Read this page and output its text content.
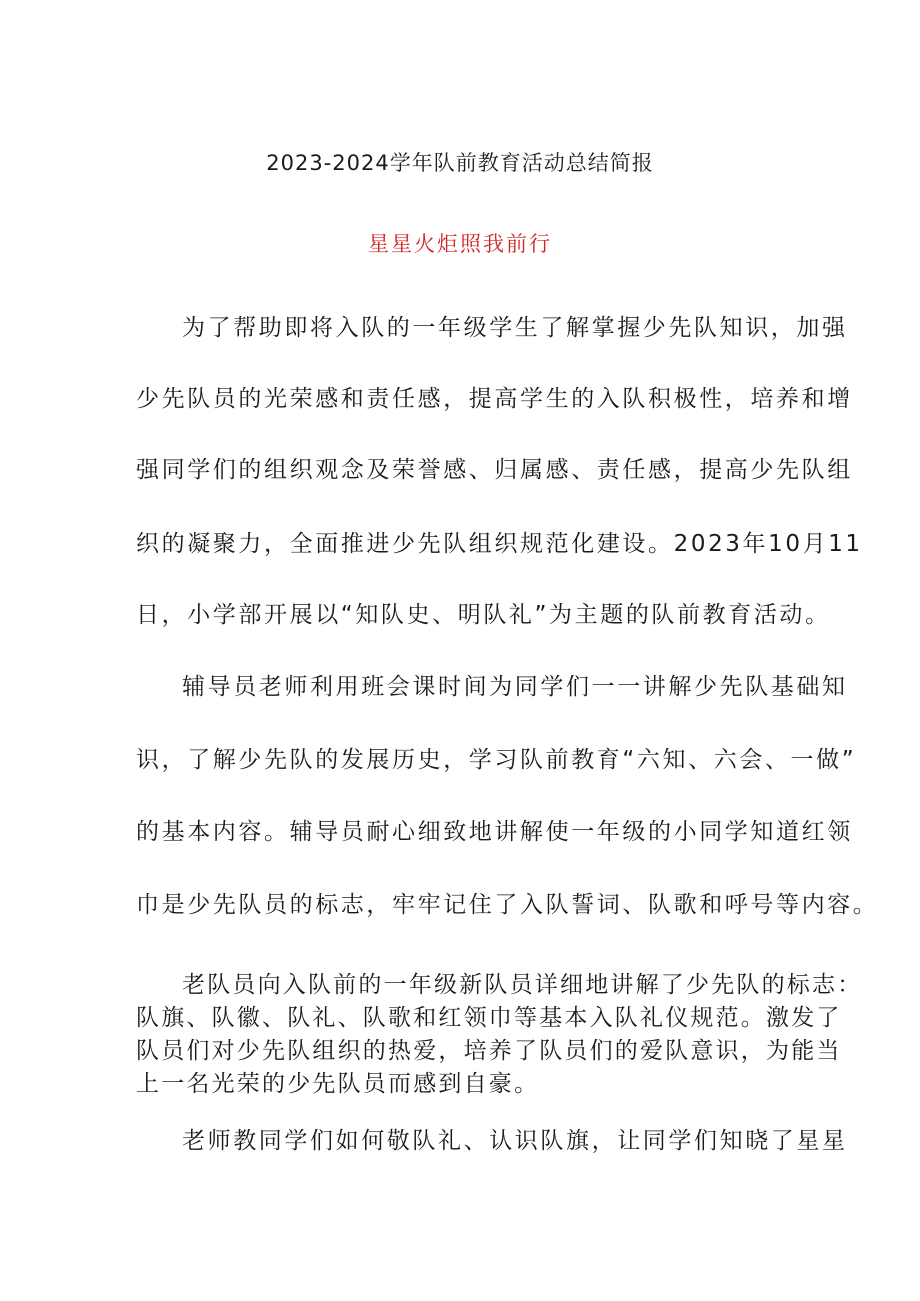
2023-2024学年队前教育活动总结简报
星星火炬照我前行
为了帮助即将入队的一年级学生了解掌握少先队知识，加强
少先队员的光荣感和责任感，提高学生的入队积极性，培养和增
强同学们的组织观念及荣誉感、归属感、责任感，提高少先队组
织的凝聚力，全面推进少先队组织规范化建设。2023年10月11
日，小学部开展以“知队史、明队礼”为主题的队前教育活动。
辅导员老师利用班会课时间为同学们一一讲解少先队基础知
识，了解少先队的发展历史，学习队前教育“六知、六会、一做”
的基本内容。辅导员耐心细致地讲解使一年级的小同学知道红领
巾是少先队员的标志，牢牢记住了入队誓词、队歌和呼号等内容。
老队员向入队前的一年级新队员详细地讲解了少先队的标志：
队旗、队徽、队礼、队歌和红领巾等基本入队礼仪规范。激发了
队员们对少先队组织的热爱，培养了队员们的爱队意识，为能当
上一名光荣的少先队员而感到自豪。
老师教同学们如何敬队礼、认识队旗，让同学们知晓了星星
